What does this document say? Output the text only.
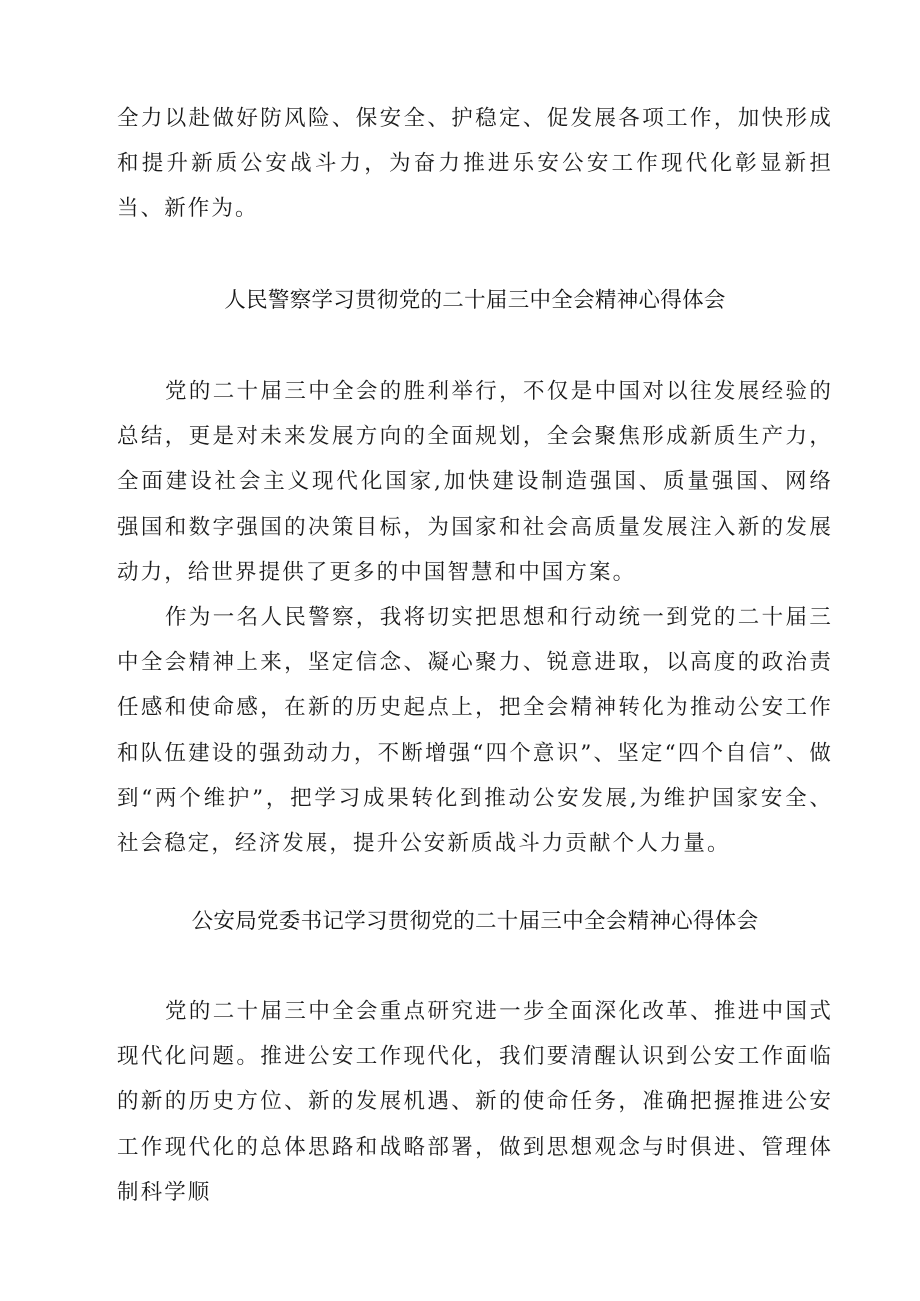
全力以赴做好防风险、保安全、护稳定、促发展各项工作，加快形成和提升新质公安战斗力，为奋力推进乐安公安工作现代化彰显新担当、新作为。

人民警察学习贯彻党的二十届三中全会精神心得体会

党的二十届三中全会的胜利举行，不仅是中国对以往发展经验的总结，更是对未来发展方向的全面规划，全会聚焦形成新质生产力，全面建设社会主义现代化国家,加快建设制造强国、质量强国、网络强国和数字强国的决策目标，为国家和社会高质量发展注入新的发展动力，给世界提供了更多的中国智慧和中国方案。

作为一名人民警察，我将切实把思想和行动统一到党的二十届三中全会精神上来，坚定信念、凝心聚力、锐意进取，以高度的政治责任感和使命感，在新的历史起点上，把全会精神转化为推动公安工作和队伍建设的强劲动力，不断增强“四个意识”、坚定“四个自信”、做到“两个维护”，把学习成果转化到推动公安发展,为维护国家安全、社会稳定，经济发展，提升公安新质战斗力贡献个人力量。

公安局党委书记学习贯彻党的二十届三中全会精神心得体会

党的二十届三中全会重点研究进一步全面深化改革、推进中国式现代化问题。推进公安工作现代化，我们要清醒认识到公安工作面临的新的历史方位、新的发展机遇、新的使命任务，准确把握推进公安工作现代化的总体思路和战略部署，做到思想观念与时俱进、管理体制科学顺
